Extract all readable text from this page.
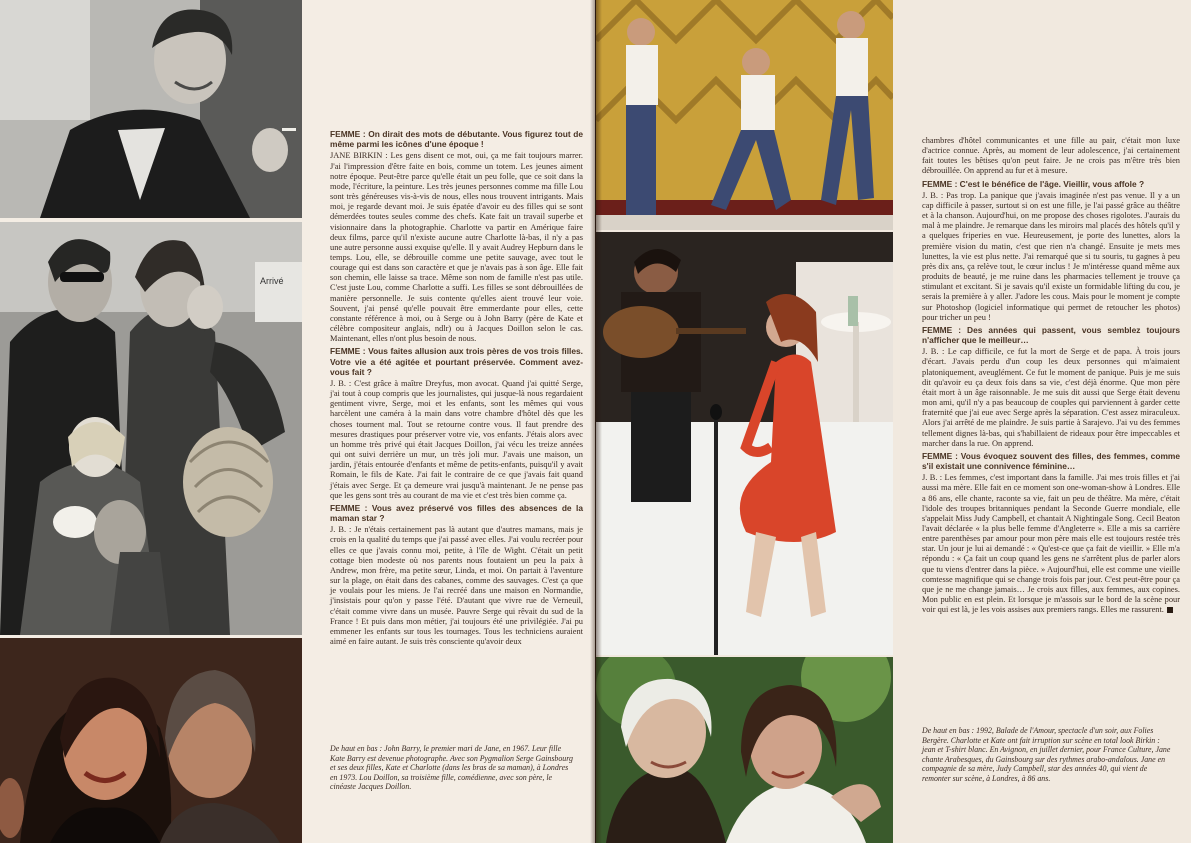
Arrivé

FEMME : On dirait des mots de débutante. Vous figurez tout de même parmi les icônes d'une époque !

JANE BIRKIN : Les gens disent ce mot, oui, ça me fait toujours marrer. J'ai l'impression d'être faite en bois, comme un totem. Les jeunes aiment notre époque. Peut-être parce qu'elle était un peu folle, que ce soit dans la mode, l'écriture, la peinture. Les très jeunes personnes comme ma fille Lou sont très généreuses vis-à-vis de nous, elles nous trouvent intrigants. Mais moi, je regarde devant moi. Je suis épatée d'avoir eu des filles qui se sont démerdées toutes seules comme des chefs. Kate fait un travail superbe et visionnaire dans la photographie. Charlotte va partir en Amérique faire deux films, parce qu'il n'existe aucune autre Charlotte là-bas, il n'y a pas une autre personne aussi exquise qu'elle. Il y avait Audrey Hepburn dans le temps. Lou, elle, se débrouille comme une petite sauvage, avec tout le courage qui est dans son caractère et que je n'avais pas à son âge. Elle fait son chemin, elle laisse sa trace. Même son nom de famille n'est pas utile. C'est juste Lou, comme Charlotte a suffi. Les filles se sont débrouillées de manière personnelle. Je suis contente qu'elles aient trouvé leur voie. Souvent, j'ai pensé qu'elle pouvait être emmerdante pour elles, cette constante référence à moi, ou à Serge ou à John Barry (père de Kate et célèbre compositeur anglais, ndlr) ou à Jacques Doillon selon le cas. Maintenant, elles n'ont plus besoin de nous.

FEMME : Vous faites allusion aux trois pères de vos trois filles. Votre vie a été agitée et pourtant préservée. Comment avez-vous fait ?

J. B. : C'est grâce à maître Dreyfus, mon avocat. Quand j'ai quitté Serge, j'ai tout à coup compris que les journalistes, qui jusque-là nous regardaient gentiment vivre, Serge, moi et les enfants, sont les mêmes qui vous harcèlent une caméra à la main dans votre chambre d'hôtel dès que les choses tournent mal. Tout se retourne contre vous. Il faut prendre des mesures drastiques pour préserver votre vie, vos enfants. J'étais alors avec un homme très privé qui était Jacques Doillon, j'ai vécu les treize années qui ont suivi derrière un mur, un très joli mur. J'avais une maison, un jardin, j'étais entourée d'enfants et même de petits-enfants, puisqu'il y avait Romain, le fils de Kate. J'ai fait le contraire de ce que j'avais fait quand j'étais avec Serge. Et ça demeure vrai jusqu'à maintenant. Je ne pense pas que les gens sont très au courant de ma vie et c'est très bien comme ça.

FEMME : Vous avez préservé vos filles des absences de la maman star ?

J. B. : Je n'étais certainement pas là autant que d'autres mamans, mais je crois en la qualité du temps que j'ai passé avec elles. J'ai voulu recréer pour elles ce que j'avais connu moi, petite, à l'île de Wight. C'était un petit cottage bien modeste où nos parents nous foutaient un peu la paix à Andrew, mon frère, ma petite sœur, Linda, et moi. On partait à l'aventure sur la plage, on était dans des cabanes, comme des sauvages. C'est ça que je voulais pour les miens. Je l'ai recréé dans une maison en Normandie, j'insistais pour qu'on y passe l'été. D'autant que vivre rue de Verneuil, c'était comme vivre dans un musée. Pauvre Serge qui rêvait du sud de la France ! Et puis dans mon métier, j'ai toujours été une privilégiée. J'ai pu emmener les enfants sur tous les tournages. Tous les techniciens auraient aimé en faire autant. Je suis très consciente qu'avoir deux

De haut en bas : John Barry, le premier mari de Jane, en 1967. Leur fille Kate Barry est devenue photographe. Avec son Pygmalion Serge Gainsbourg et ses deux filles, Kate et Charlotte (dans les bras de sa maman), à Londres en 1973. Lou Doillon, sa troisième fille, comédienne, avec son père, le cinéaste Jacques Doillon.

chambres d'hôtel communicantes et une fille au pair, c'était mon luxe d'actrice connue. Après, au moment de leur adolescence, j'ai certainement fait toutes les bêtises qu'on peut faire. Je ne crois pas m'être très bien débrouillée. On apprend au fur et à mesure.

FEMME : C'est le bénéfice de l'âge. Vieillir, vous affole ?

J. B. : Pas trop. La panique que j'avais imaginée n'est pas venue. Il y a un cap difficile à passer, surtout si on est une fille, je l'ai passé grâce au théâtre et à la chanson. Aujourd'hui, on me propose des choses rigolotes. J'aurais du mal à me plaindre. Je remarque dans les miroirs mal placés des hôtels qu'il y a quelques friperies en vue. Heureusement, je porte des lunettes, alors la première vision du matin, c'est que rien n'a changé. Ensuite je mets mes lunettes, la vie est plus nette. J'ai remarqué que si tu souris, tu gagnes à peu près dix ans, ça relève tout, le cœur inclus ! Je m'intéresse quand même aux produits de beauté, je me ruine dans les pharmacies tellement je trouve ça stimulant et excitant. Si je savais qu'il existe un formidable lifting du cou, je serais la première à y aller. J'adore les cous. Mais pour le moment je compte sur Photoshop (logiciel informatique qui permet de retoucher les photos) pour tricher un peu !

FEMME : Des années qui passent, vous semblez toujours n'afficher que le meilleur…

J. B. : Le cap difficile, ce fut la mort de Serge et de papa. À trois jours d'écart. J'avais perdu d'un coup les deux personnes qui m'aimaient platoniquement, aveuglément. Ce fut le moment de panique. Puis je me suis dit qu'avoir eu ça deux fois dans sa vie, c'est déjà énorme. Que mon père était mort à un âge raisonnable. Je me suis dit aussi que Serge était devenu mon ami, qu'il n'y a pas beaucoup de couples qui parviennent à garder cette fraternité que j'ai eue avec Serge après la séparation. C'est assez miraculeux. Alors j'ai arrêté de me plaindre. Je suis partie à Sarajevo. J'ai vu des femmes tellement dignes là-bas, qui s'habillaient de rideaux pour être impeccables et marcher dans la rue. On apprend.

FEMME : Vous évoquez souvent des filles, des femmes, comme s'il existait une connivence féminine…

J. B. : Les femmes, c'est important dans la famille. J'ai mes trois filles et j'ai aussi ma mère. Elle fait en ce moment son one-woman-show à Londres. Elle a 86 ans, elle chante, raconte sa vie, fait un peu de théâtre. Ma mère, c'était l'idole des troupes britanniques pendant la Seconde Guerre mondiale, elle s'appelait Miss Judy Campbell, et chantait A Nightingale Song. Cecil Beaton l'avait déclarée « la plus belle femme d'Angleterre ». Elle a mis sa carrière entre parenthèses par amour pour mon père mais elle est toujours restée très star. Un jour je lui ai demandé : « Qu'est-ce que ça fait de vieillir. » Elle m'a répondu : « Ça fait un coup quand les gens ne s'arrêtent plus de parler alors que tu viens d'entrer dans la pièce. » Aujourd'hui, elle est comme une vieille comtesse magnifique qui se change trois fois par jour. C'est peut-être pour ça que je ne me change jamais… Je crois aux filles, aux femmes, aux copines. Mon public en est plein. Et lorsque je m'assois sur le bord de la scène pour voir qui est là, je les vois assises aux premiers rangs. Elles me rassurent.

De haut en bas : 1992, Balade de l'Amour, spectacle d'un soir, aux Folies Bergère. Charlotte et Kate ont fait irruption sur scène en total look Birkin : jean et T-shirt blanc. En Avignon, en juillet dernier, pour France Culture, Jane chante Arabesques, du Gainsbourg sur des rythmes arabo-andalous. Jane en compagnie de sa mère, Judy Campbell, star des années 40, qui vient de remonter sur scène, à Londres, à 86 ans.
